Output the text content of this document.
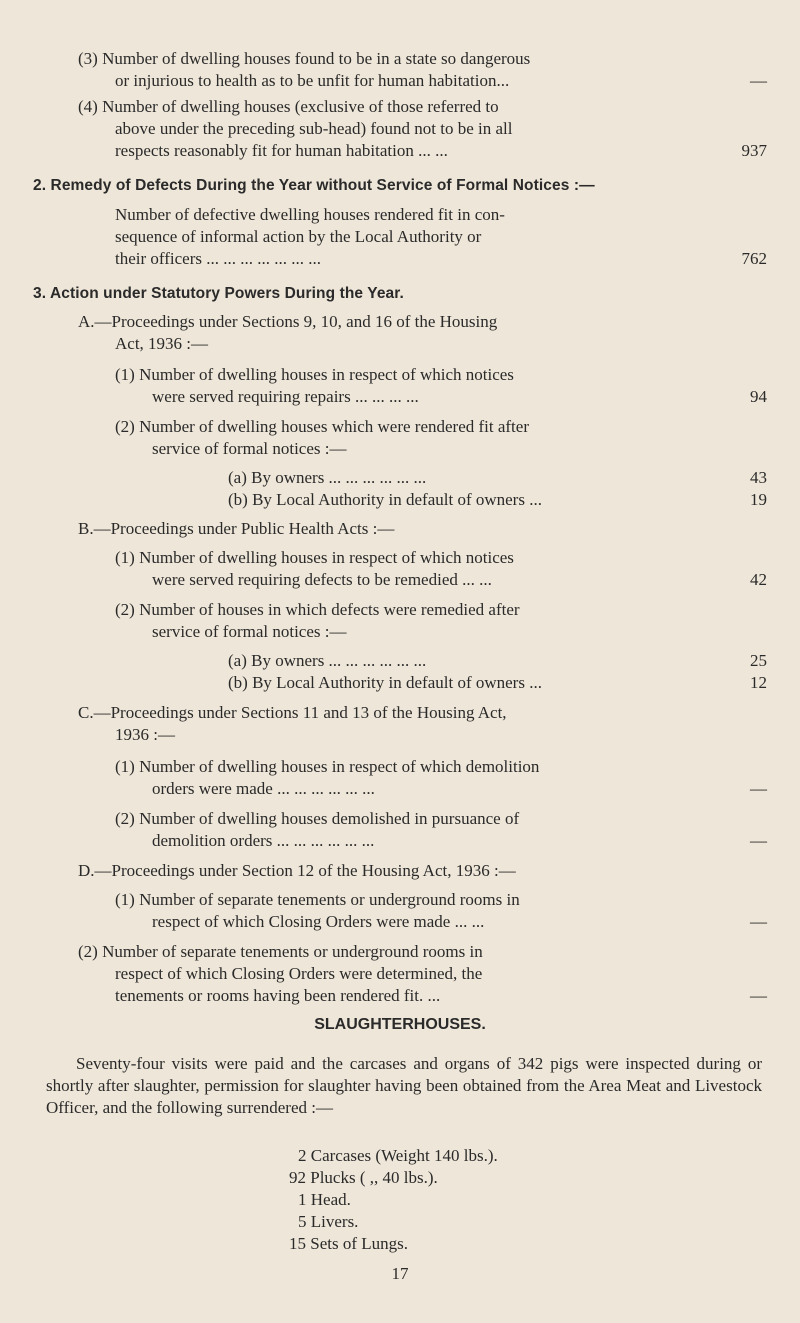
(3) Number of dwelling houses found to be in a state so dangerous
or injurious to health as to be unfit for human habitation...	—
(4) Number of dwelling houses (exclusive of those referred to
above under the preceding sub-head) found not to be in all
respects reasonably fit for human habitation ... ...	937
2. Remedy of Defects During the Year without Service of Formal Notices :—
Number of defective dwelling houses rendered fit in con-
sequence of informal action by the Local Authority or
their officers ... ... ... ... ... ... ...	762
3. Action under Statutory Powers During the Year.
A.—Proceedings under Sections 9, 10, and 16 of the Housing
Act, 1936 :—
(1) Number of dwelling houses in respect of which notices
were served requiring repairs ... ... ... ...	94
(2) Number of dwelling houses which were rendered fit after
service of formal notices :—
(a) By owners ... ... ... ... ... ...	43
(b) By Local Authority in default of owners ...	19
B.—Proceedings under Public Health Acts :—
(1) Number of dwelling houses in respect of which notices
were served requiring defects to be remedied ... ...	42
(2) Number of houses in which defects were remedied after
service of formal notices :—
(a) By owners ... ... ... ... ... ...	25
(b) By Local Authority in default of owners ...	12
C.—Proceedings under Sections 11 and 13 of the Housing Act,
1936 :—
(1) Number of dwelling houses in respect of which demolition
orders were made ... ... ... ... ... ...	—
(2) Number of dwelling houses demolished in pursuance of
demolition orders ... ... ... ... ... ...	—
D.—Proceedings under Section 12 of the Housing Act, 1936 :—
(1) Number of separate tenements or underground rooms in
respect of which Closing Orders were made ... ...	—
(2) Number of separate tenements or underground rooms in
respect of which Closing Orders were determined, the
tenements or rooms having been rendered fit. ...	—
SLAUGHTERHOUSES.
Seventy-four visits were paid and the carcases and organs of 342 pigs were inspected during or shortly after slaughter, permission for slaughter having been obtained from the Area Meat and Livestock Officer, and the following surrendered :—
2 Carcases (Weight 140 lbs.).
92 Plucks ( ,, 40 lbs.).
1 Head.
5 Livers.
15 Sets of Lungs.
17
